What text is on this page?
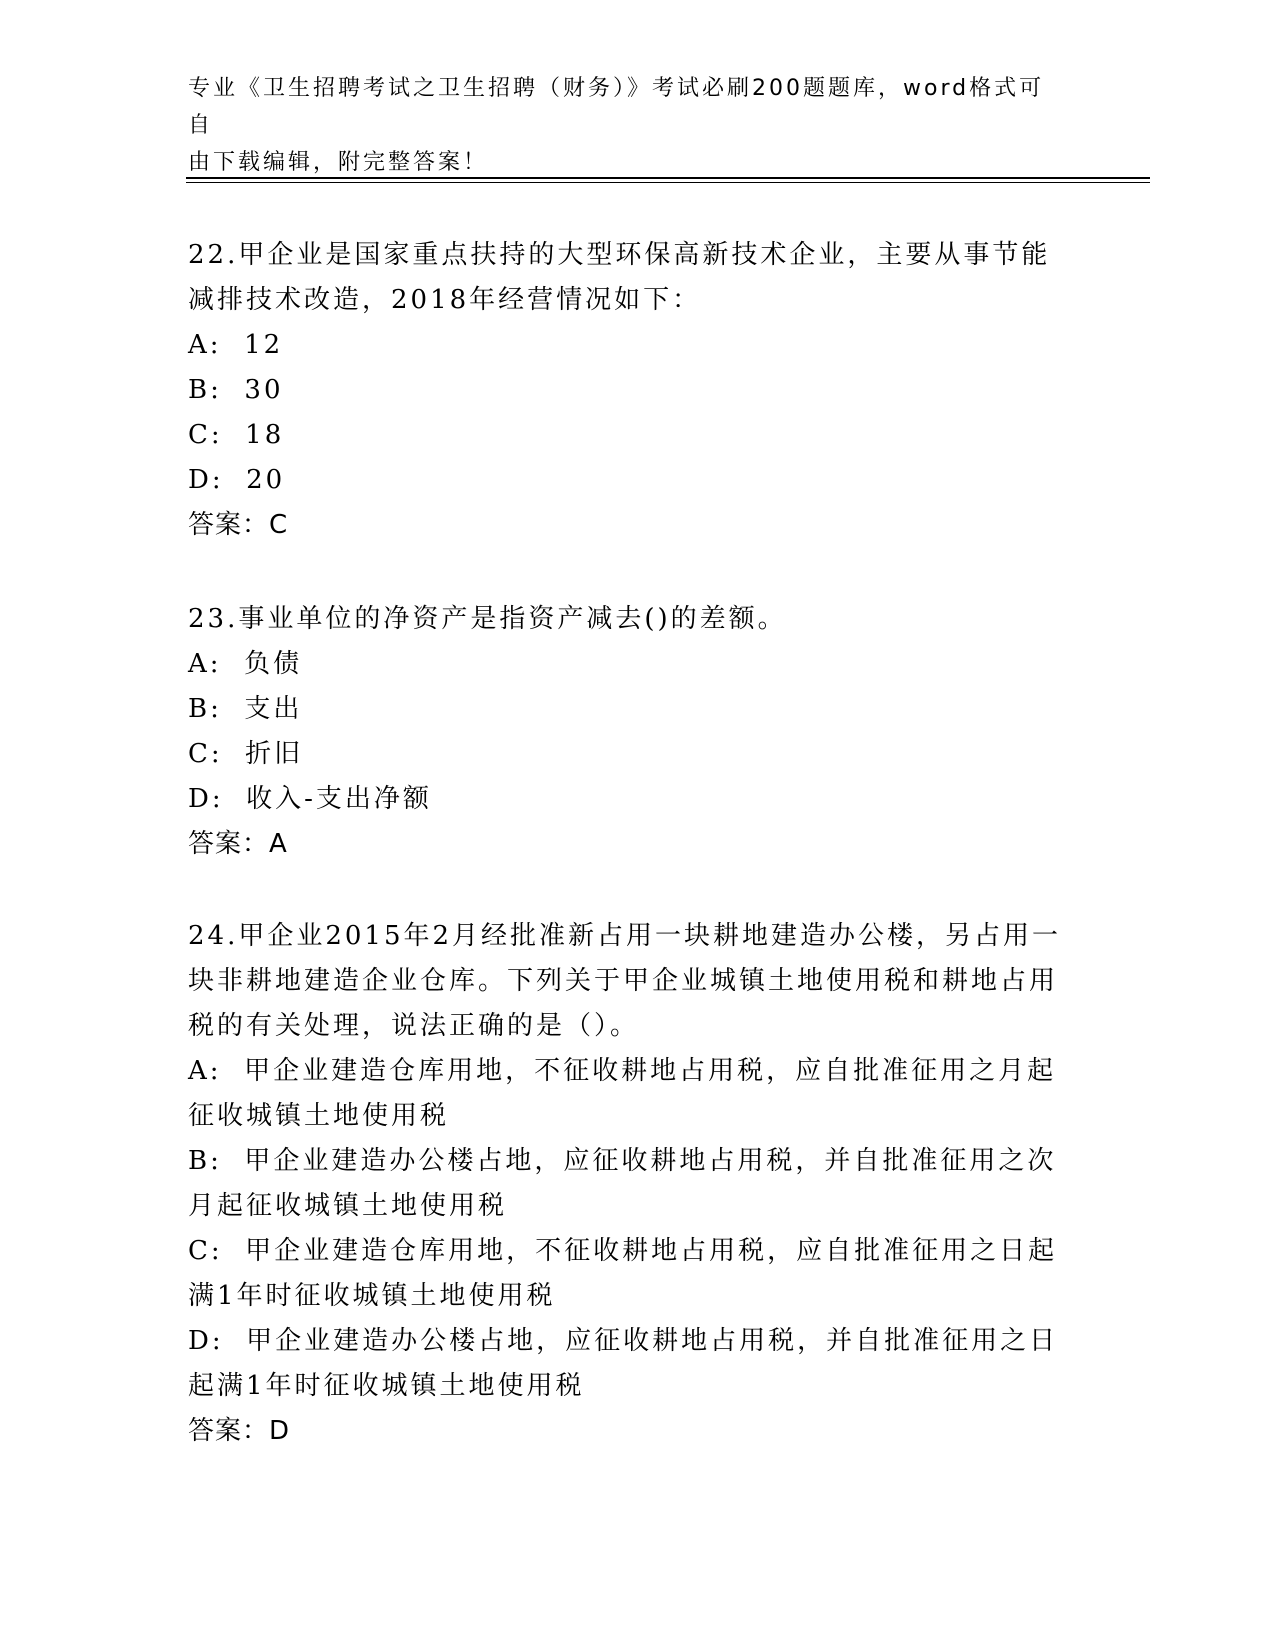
专业《卫生招聘考试之卫生招聘（财务）》考试必刷200题题库，word格式可自
由下载编辑，附完整答案！

22.甲企业是国家重点扶持的大型环保高新技术企业，主要从事节能减排技术改造，2018年经营情况如下：

A:  12

B:  30

C:  18

D:  20

答案：C

23.事业单位的净资产是指资产减去()的差额。

A:  负债

B:  支出

C:  折旧

D:  收入-支出净额

答案：A

24.甲企业2015年2月经批准新占用一块耕地建造办公楼，另占用一块非耕地建造企业仓库。下列关于甲企业城镇土地使用税和耕地占用税的有关处理，说法正确的是（）。

A:  甲企业建造仓库用地，不征收耕地占用税，应自批准征用之月起征收城镇土地使用税

B:  甲企业建造办公楼占地，应征收耕地占用税，并自批准征用之次月起征收城镇土地使用税

C:  甲企业建造仓库用地，不征收耕地占用税，应自批准征用之日起满1年时征收城镇土地使用税

D:  甲企业建造办公楼占地，应征收耕地占用税，并自批准征用之日起满1年时征收城镇土地使用税

答案：D
